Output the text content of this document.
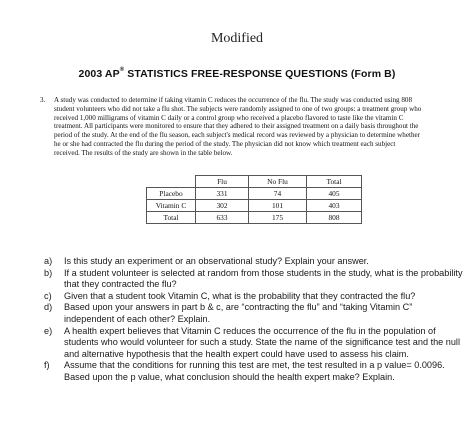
Modified
2003 AP® STATISTICS FREE-RESPONSE QUESTIONS (Form B)
3. A study was conducted to determine if taking vitamin C reduces the occurrence of the flu. The study was conducted using 808 student volunteers who did not take a flu shot. The subjects were randomly assigned to one of two groups: a treatment group who received 1,000 milligrams of vitamin C daily or a control group who received a placebo flavored to taste like the vitamin C treatment. All participants were monitored to ensure that they adhered to their assigned treatment on a daily basis throughout the period of the study. At the end of the flu season, each subject's medical record was reviewed by a physician to determine whether he or she had contracted the flu during the period of the study. The physician did not know which treatment each subject received. The results of the study are shown in the table below.
	Flu	No Flu	Total
Placebo	331	74	405
Vitamin C	302	101	403
Total	633	175	808
a) Is this study an experiment or an observational study? Explain your answer.
b) If a student volunteer is selected at random from those students in the study, what is the probability that they contracted the flu?
c) Given that a student took Vitamin C, what is the probability that they contracted the flu?
d) Based upon your answers in part b & c, are “contracting the flu” and “taking Vitamin C” independent of each other? Explain.
e) A health expert believes that Vitamin C reduces the occurrence of the flu in the population of students who would volunteer for such a study. State the name of the significance test and the null and alternative hypothesis that the health expert could have used to assess his claim.
f) Assume that the conditions for running this test are met, the test resulted in a p value= 0.0096. Based upon the p value, what conclusion should the health expert make? Explain.
